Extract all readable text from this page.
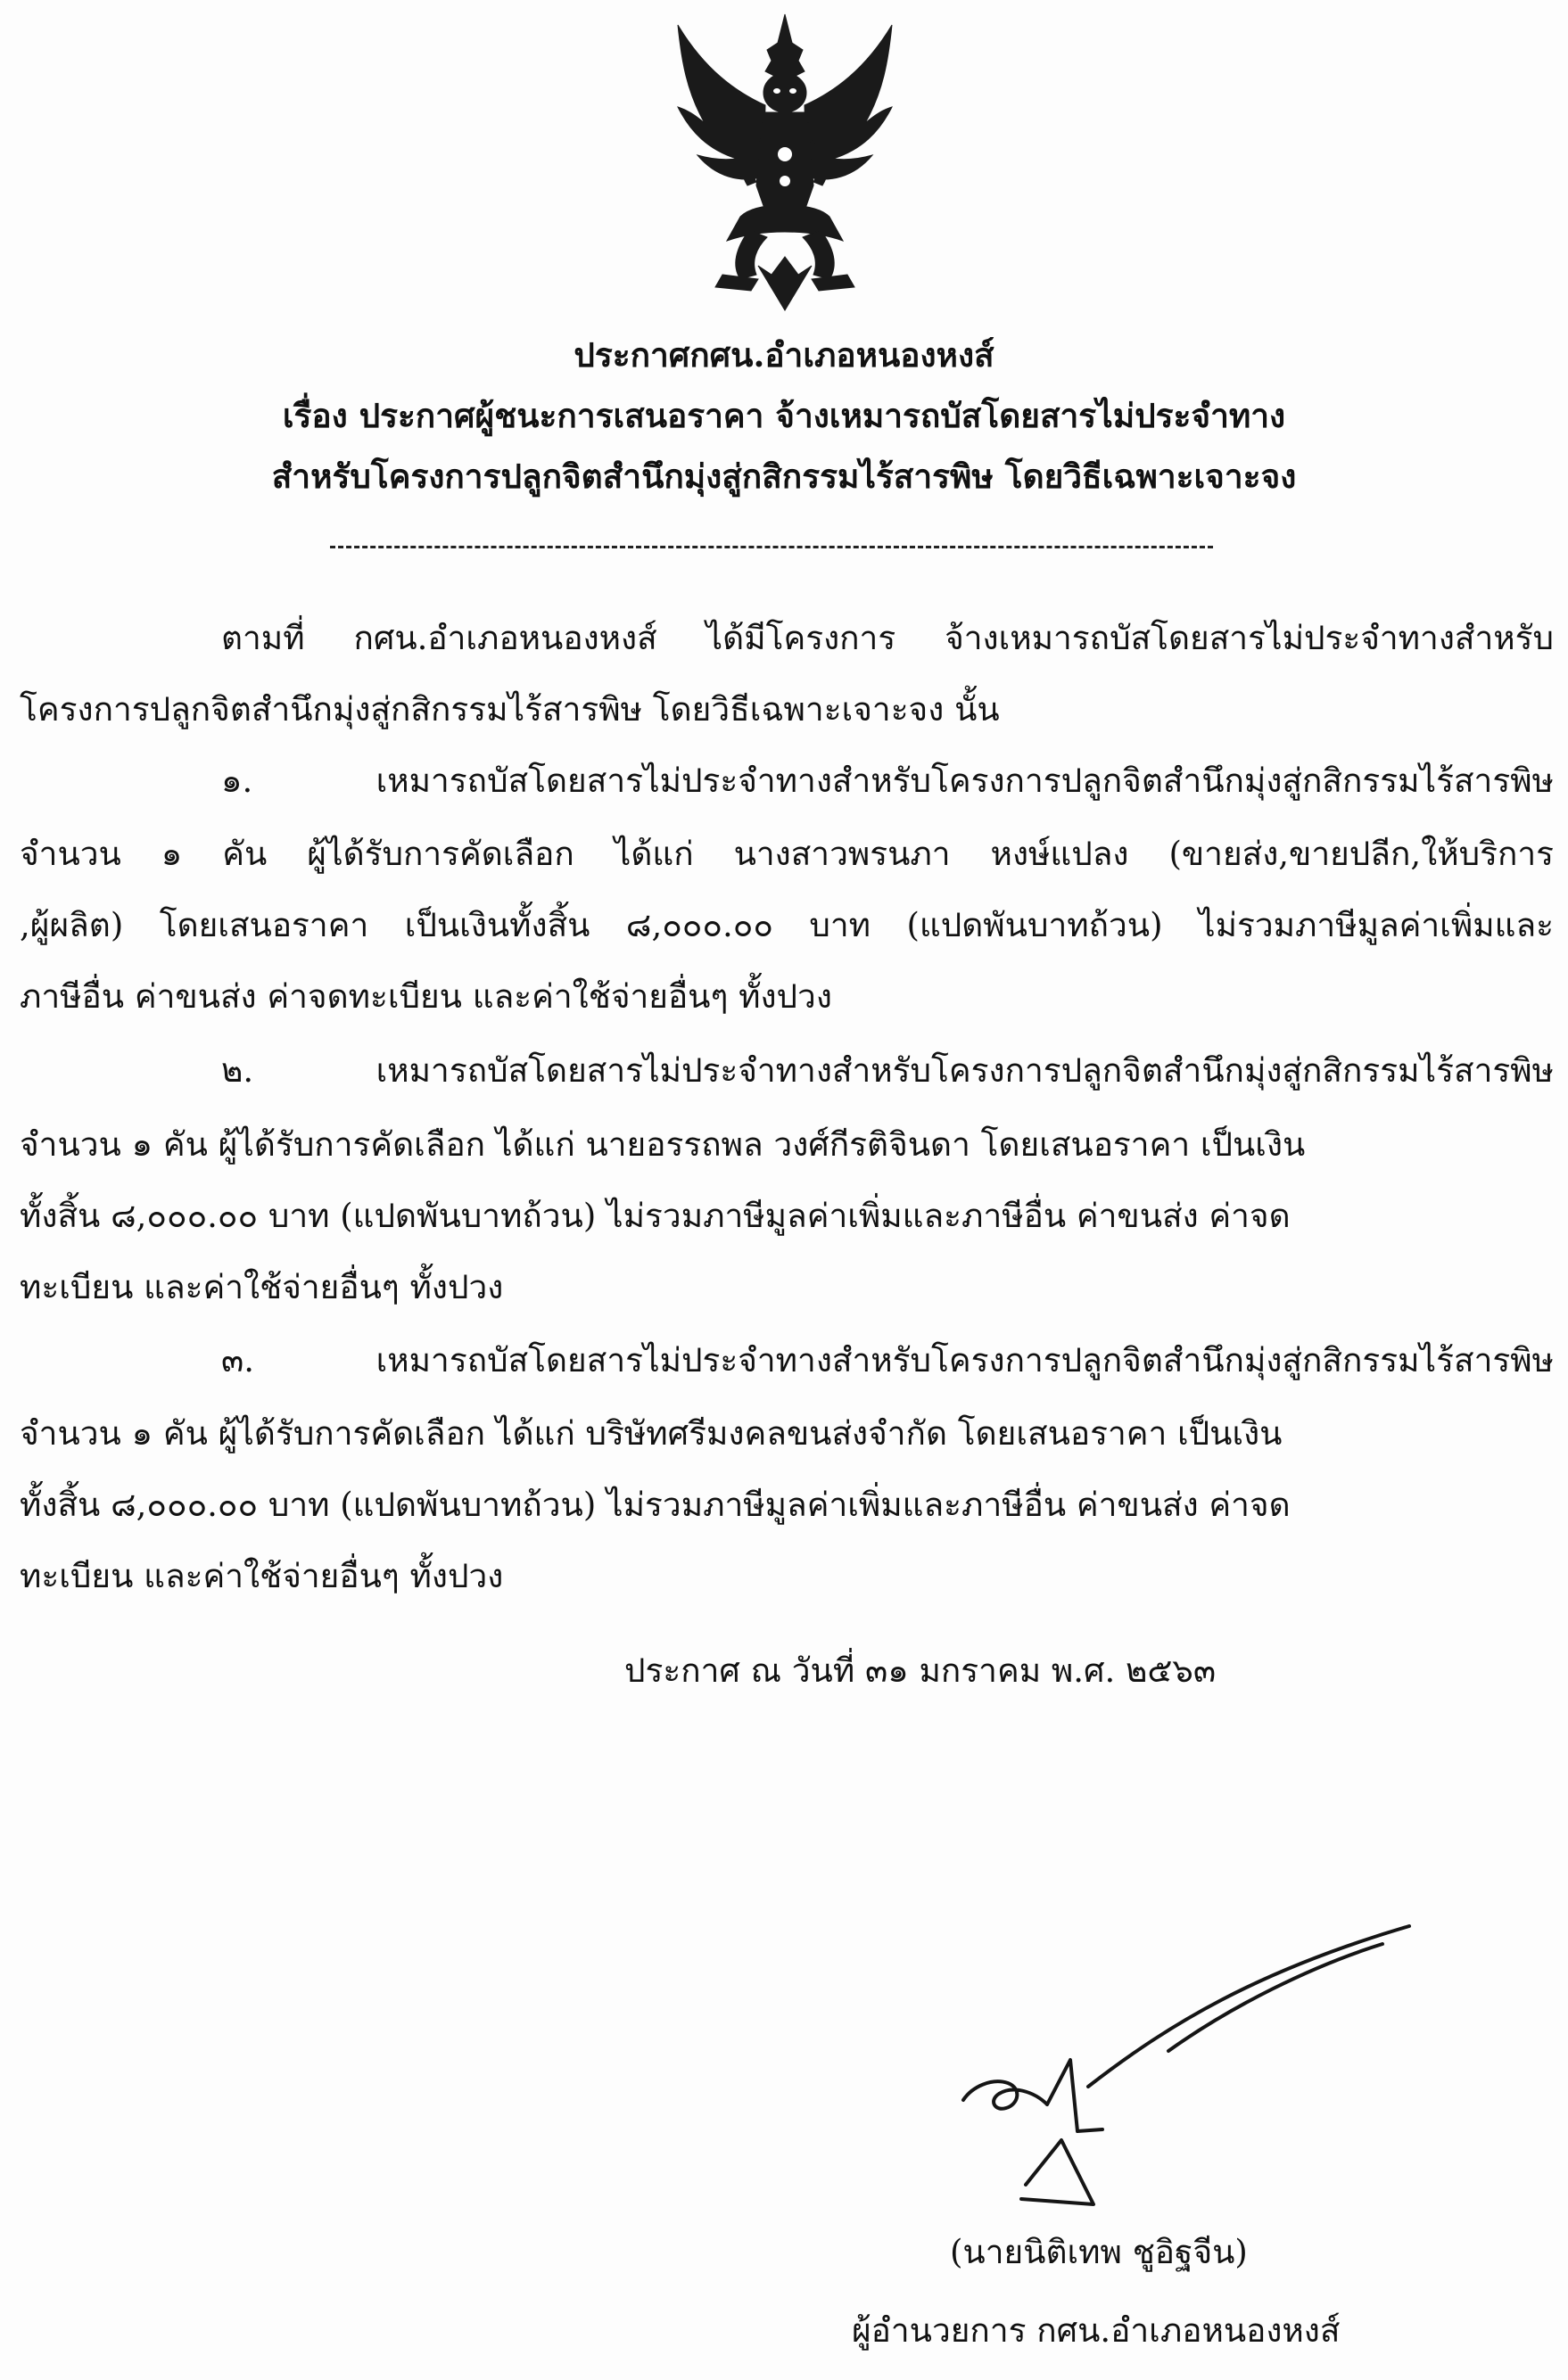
ประกาศกศน.อำเภอหนองหงส์
เรื่อง ประกาศผู้ชนะการเสนอราคา จ้างเหมารถบัสโดยสารไม่ประจำทาง
สำหรับโครงการปลูกจิตสำนึกมุ่งสู่กสิกรรมไร้สารพิษ โดยวิธีเฉพาะเจาะจง
ตามที่ กศน.อำเภอหนองหงส์ ได้มีโครงการ จ้างเหมารถบัสโดยสารไม่ประจำทางสำหรับ
โครงการปลูกจิตสำนึกมุ่งสู่กสิกรรมไร้สารพิษ โดยวิธีเฉพาะเจาะจง นั้น
๑. เหมารถบัสโดยสารไม่ประจำทางสำหรับโครงการปลูกจิตสำนึกมุ่งสู่กสิกรรมไร้สารพิษ
จำนวน ๑ คัน ผู้ได้รับการคัดเลือก ได้แก่ นางสาวพรนภา หงษ์แปลง (ขายส่ง,ขายปลีก,ให้บริการ
,ผู้ผลิต) โดยเสนอราคา เป็นเงินทั้งสิ้น ๘,๐๐๐.๐๐ บาท (แปดพันบาทถ้วน) ไม่รวมภาษีมูลค่าเพิ่มและ
ภาษีอื่น ค่าขนส่ง ค่าจดทะเบียน และค่าใช้จ่ายอื่นๆ ทั้งปวง
๒. เหมารถบัสโดยสารไม่ประจำทางสำหรับโครงการปลูกจิตสำนึกมุ่งสู่กสิกรรมไร้สารพิษ
จำนวน ๑ คัน ผู้ได้รับการคัดเลือก ได้แก่ นายอรรถพล วงศ์กีรติจินดา โดยเสนอราคา เป็นเงิน
ทั้งสิ้น ๘,๐๐๐.๐๐ บาท (แปดพันบาทถ้วน) ไม่รวมภาษีมูลค่าเพิ่มและภาษีอื่น ค่าขนส่ง ค่าจด
ทะเบียน และค่าใช้จ่ายอื่นๆ ทั้งปวง
๓. เหมารถบัสโดยสารไม่ประจำทางสำหรับโครงการปลูกจิตสำนึกมุ่งสู่กสิกรรมไร้สารพิษ
จำนวน ๑ คัน ผู้ได้รับการคัดเลือก ได้แก่ บริษัทศรีมงคลขนส่งจำกัด โดยเสนอราคา เป็นเงิน
ทั้งสิ้น ๘,๐๐๐.๐๐ บาท (แปดพันบาทถ้วน) ไม่รวมภาษีมูลค่าเพิ่มและภาษีอื่น ค่าขนส่ง ค่าจด
ทะเบียน และค่าใช้จ่ายอื่นๆ ทั้งปวง
ประกาศ ณ วันที่ ๓๑ มกราคม พ.ศ. ๒๕๖๓
(นายนิติเทพ ชูอิฐจีน)
ผู้อำนวยการ กศน.อำเภอหนองหงส์
